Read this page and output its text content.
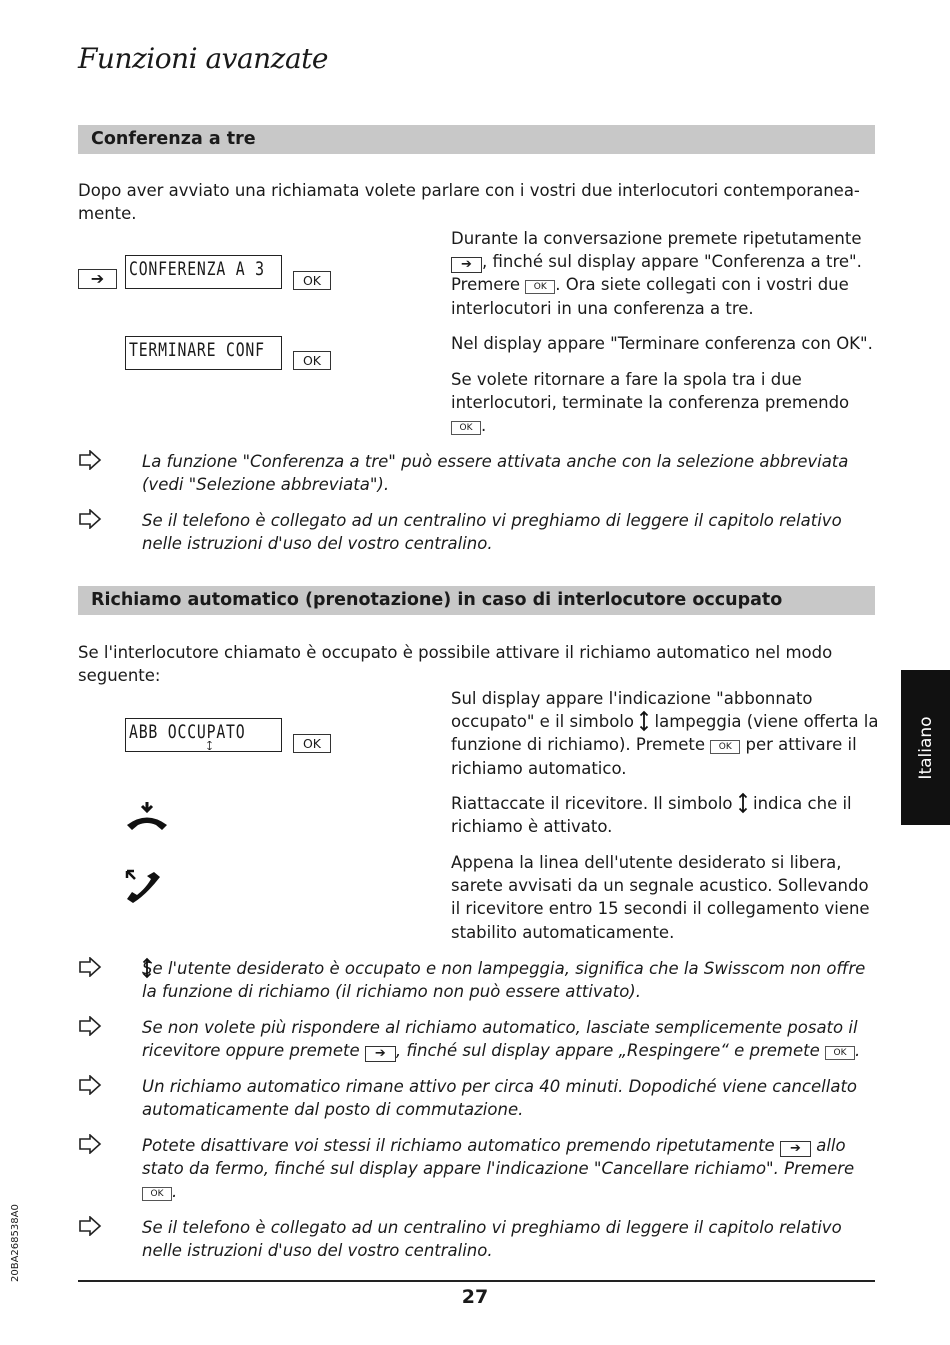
Funzioni avanzate
Conferenza a tre
Dopo aver avviato una richiamata volete parlare con i vostri due interlocutori contemporanea-mente.
➔	CONFERENZA A 3
OK
TERMINARE CONF	OK
Durante la conversazione premete ripetutamente ➔ , finché sul display appare "Conferenza a tre". Premere OK . Ora siete collegati con i vostri due interlocutori in una conferenza a tre.
Nel display appare "Terminare conferenza con OK".
Se volete ritornare a fare la spola tra i due interlocutori, terminate la conferenza premendo OK .
La funzione "Conferenza a tre" può essere attivata anche con la selezione abbreviata (vedi "Selezione abbreviata").
Se il telefono è collegato ad un centralino vi preghiamo di leggere il capitolo relativo nelle istruzioni d'uso del vostro centralino.
Richiamo automatico (prenotazione) in caso di interlocutore occupato
Se l'interlocutore chiamato è occupato è possibile attivare il richiamo automatico nel modo seguente:
ABB OCCUPATO
OK
Sul display appare l'indicazione "abbonnato occupato" e il simbolo lampeggia (viene offerta la funzione di richiamo). Premete OK per attivare il richiamo automatico.
Riattaccate il ricevitore. Il simbolo indica che il richiamo è attivato.
Appena la linea dell'utente desiderato si libera, sarete avvisati da un segnale acustico. Sollevando il ricevitore entro 15 secondi il collegamento viene stabilito automaticamente.
Se l'utente desiderato è occupato e non lampeggia, significa che la Swisscom non offre la funzione di richiamo (il richiamo non può essere attivato).
Se non volete più rispondere al richiamo automatico, lasciate semplicemente posato il ricevitore oppure premete ➔ , finché sul display appare „Respingere“ e premete OK .
Un richiamo automatico rimane attivo per circa 40 minuti. Dopodiché viene cancellato automaticamente dal posto di commutazione.
Potete disattivare voi stessi il richiamo automatico premendo ripetutamente ➔ allo stato da fermo, finché sul display appare l'indicazione "Cancellare richiamo". Premere OK .
Se il telefono è collegato ad un centralino vi preghiamo di leggere il capitolo relativo nelle istruzioni d'uso del vostro centralino.
Italiano
20BA268538A0
27
